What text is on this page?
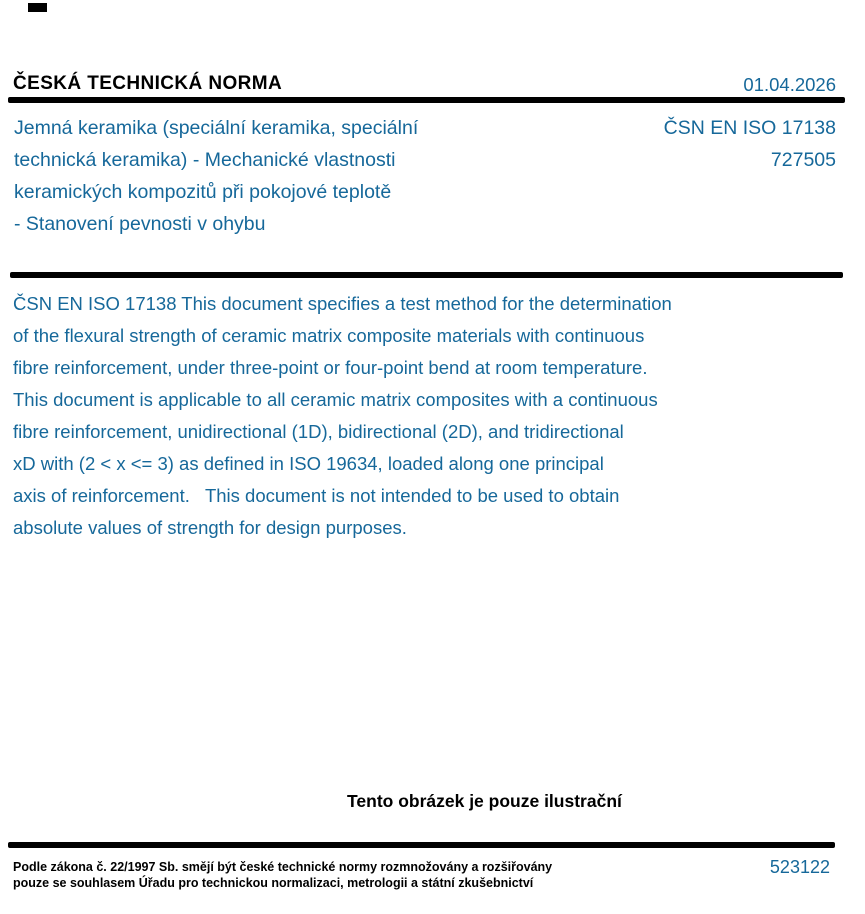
ČESKÁ TECHNICKÁ NORMA	01.04.2026
Jemná keramika (speciální keramika, speciální
technická keramika) - Mechanické vlastnosti
keramických kompozitů při pokojové teplotě
- Stanovení pevnosti v ohybu
ČSN EN ISO 17138
727505
ČSN EN ISO 17138 This document specifies a test method for the determination
of the flexural strength of ceramic matrix composite materials with continuous
fibre reinforcement, under three-point or four-point bend at room temperature.
This document is applicable to all ceramic matrix composites with a continuous
fibre reinforcement, unidirectional (1D), bidirectional (2D), and tridirectional
xD with (2 < x <= 3) as defined in ISO 19634, loaded along one principal
axis of reinforcement.   This document is not intended to be used to obtain
absolute values of strength for design purposes.
Tento obrázek je pouze ilustrační
Podle zákona č. 22/1997 Sb. smějí být české technické normy rozmnožovány a rozšiřovány
pouze se souhlasem Úřadu pro technickou normalizaci, metrologii a státní zkušebnictví
523122
